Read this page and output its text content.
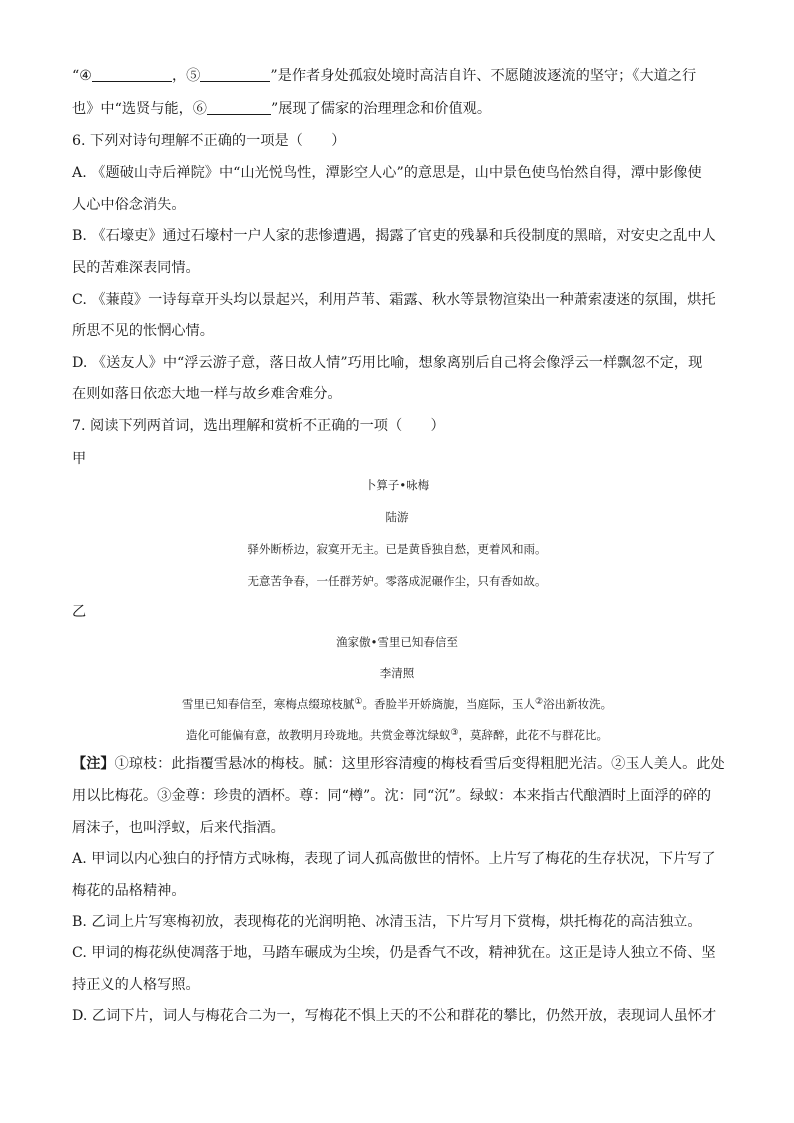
“④	，⑤	”是作者身处孤寂处境时高洁自许、不愿随波逐流的坚守；《大道之行
也》中“选贤与能，⑥	”展现了儒家的治理理念和价值观。
6. 下列对诗句理解不正确的一项是（　　）
A. 《题破山寺后禅院》中“山光悦鸟性，潭影空人心”的意思是，山中景色使鸟怡然自得，潭中影像使
人心中俗念消失。
B. 《石壕吏》通过石壕村一户人家的悲惨遭遇，揭露了官吏的残暴和兵役制度的黑暗，对安史之乱中人
民的苦难深表同情。
C. 《蒹葭》一诗每章开头均以景起兴，利用芦苇、霜露、秋水等景物渲染出一种萧索凄迷的氛围，烘托
所思不见的怅惘心情。
D. 《送友人》中“浮云游子意，落日故人情”巧用比喻，想象离别后自己将会像浮云一样飘忽不定，现
在则如落日依恋大地一样与故乡难舍难分。
7. 阅读下列两首词，选出理解和赏析不正确的一项（　　）
甲
卜算子•咏梅
陆游
驿外断桥边，寂寞开无主。已是黄昏独自愁，更着风和雨。
无意苦争春，一任群芳妒。零落成泥碾作尘，只有香如故。
乙
渔家傲•雪里已知春信至
李清照
雪里已知春信至，寒梅点缀琼枝腻①。香脸半开娇旖旎，当庭际，玉人②浴出新妆洗。
造化可能偏有意，故教明月玲珑地。共赏金尊沈绿蚁③，莫辞醉，此花不与群花比。
【注】①琼枝：此指覆雪悬冰的梅枝。腻：这里形容清瘦的梅枝看雪后变得粗肥光洁。②玉人美人。此处
用以比梅花。③金尊：珍贵的酒杯。尊：同“樽”。沈：同“沉”。绿蚁：本来指古代酿酒时上面浮的碎的
屑沫子，也叫浮蚁，后来代指酒。
A. 甲词以内心独白的抒情方式咏梅，表现了词人孤高傲世的情怀。上片写了梅花的生存状况，下片写了
梅花的品格精神。
B. 乙词上片写寒梅初放，表现梅花的光润明艳、冰清玉洁，下片写月下赏梅，烘托梅花的高洁独立。
C. 甲词的梅花纵使凋落于地，马踏车碾成为尘埃，仍是香气不改，精神犹在。这正是诗人独立不倚、坚
持正义的人格写照。
D. 乙词下片，词人与梅花合二为一，写梅花不惧上天的不公和群花的攀比，仍然开放，表现词人虽怀才
